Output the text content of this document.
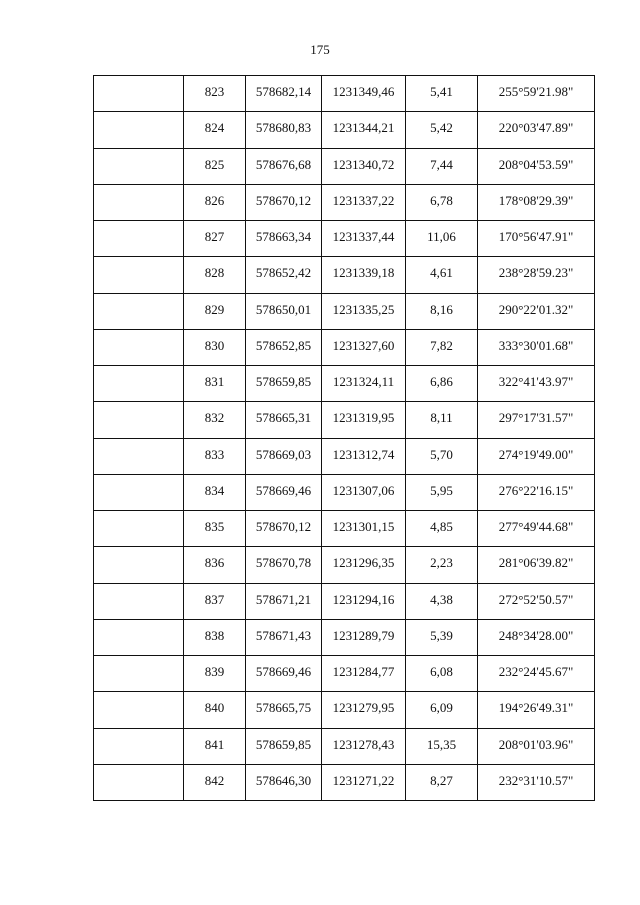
175
	823	578682,14	1231349,46	5,41	255°59'21.98"
	824	578680,83	1231344,21	5,42	220°03'47.89"
	825	578676,68	1231340,72	7,44	208°04'53.59"
	826	578670,12	1231337,22	6,78	178°08'29.39"
	827	578663,34	1231337,44	11,06	170°56'47.91"
	828	578652,42	1231339,18	4,61	238°28'59.23"
	829	578650,01	1231335,25	8,16	290°22'01.32"
	830	578652,85	1231327,60	7,82	333°30'01.68"
	831	578659,85	1231324,11	6,86	322°41'43.97"
	832	578665,31	1231319,95	8,11	297°17'31.57"
	833	578669,03	1231312,74	5,70	274°19'49.00"
	834	578669,46	1231307,06	5,95	276°22'16.15"
	835	578670,12	1231301,15	4,85	277°49'44.68"
	836	578670,78	1231296,35	2,23	281°06'39.82"
	837	578671,21	1231294,16	4,38	272°52'50.57"
	838	578671,43	1231289,79	5,39	248°34'28.00"
	839	578669,46	1231284,77	6,08	232°24'45.67"
	840	578665,75	1231279,95	6,09	194°26'49.31"
	841	578659,85	1231278,43	15,35	208°01'03.96"
	842	578646,30	1231271,22	8,27	232°31'10.57"
